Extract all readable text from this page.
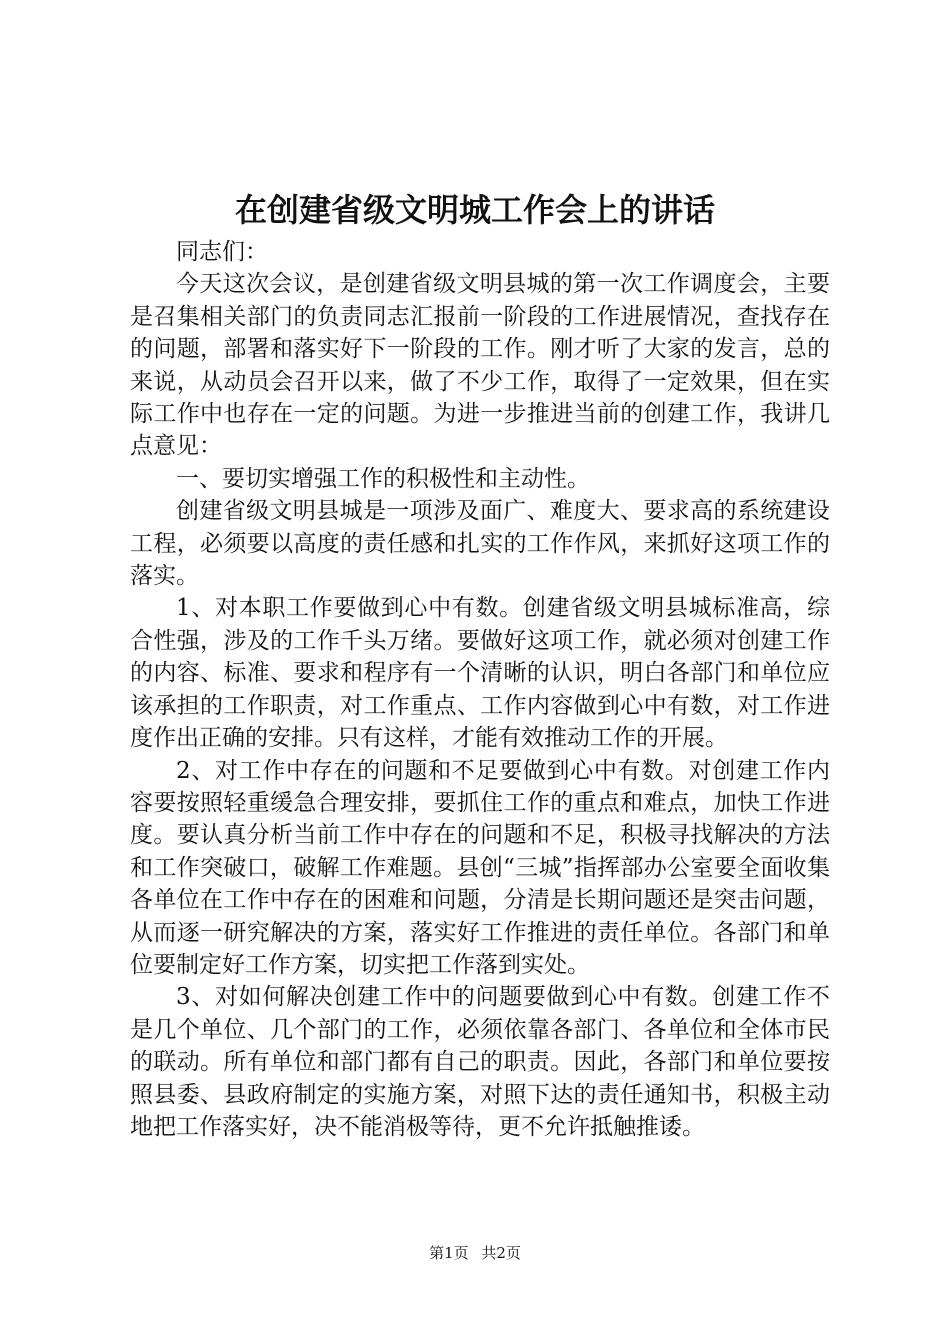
在创建省级文明城工作会上的讲话

同志们：

今天这次会议，是创建省级文明县城的第一次工作调度会，主要是召集相关部门的负责同志汇报前一阶段的工作进展情况，查找存在的问题，部署和落实好下一阶段的工作。刚才听了大家的发言，总的来说，从动员会召开以来，做了不少工作，取得了一定效果，但在实际工作中也存在一定的问题。为进一步推进当前的创建工作，我讲几点意见：

一、要切实增强工作的积极性和主动性。

创建省级文明县城是一项涉及面广、难度大、要求高的系统建设工程，必须要以高度的责任感和扎实的工作作风，来抓好这项工作的落实。

1、对本职工作要做到心中有数。创建省级文明县城标准高，综合性强，涉及的工作千头万绪。要做好这项工作，就必须对创建工作的内容、标准、要求和程序有一个清晰的认识，明白各部门和单位应该承担的工作职责，对工作重点、工作内容做到心中有数，对工作进度作出正确的安排。只有这样，才能有效推动工作的开展。

2、对工作中存在的问题和不足要做到心中有数。对创建工作内容要按照轻重缓急合理安排，要抓住工作的重点和难点，加快工作进度。要认真分析当前工作中存在的问题和不足，积极寻找解决的方法和工作突破口，破解工作难题。县创“三城”指挥部办公室要全面收集各单位在工作中存在的困难和问题，分清是长期问题还是突击问题，从而逐一研究解决的方案，落实好工作推进的责任单位。各部门和单位要制定好工作方案，切实把工作落到实处。

3、对如何解决创建工作中的问题要做到心中有数。创建工作不是几个单位、几个部门的工作，必须依靠各部门、各单位和全体市民的联动。所有单位和部门都有自己的职责。因此，各部门和单位要按照县委、县政府制定的实施方案，对照下达的责任通知书，积极主动地把工作落实好，决不能消极等待，更不允许抵触推诿。

第1页 共2页
